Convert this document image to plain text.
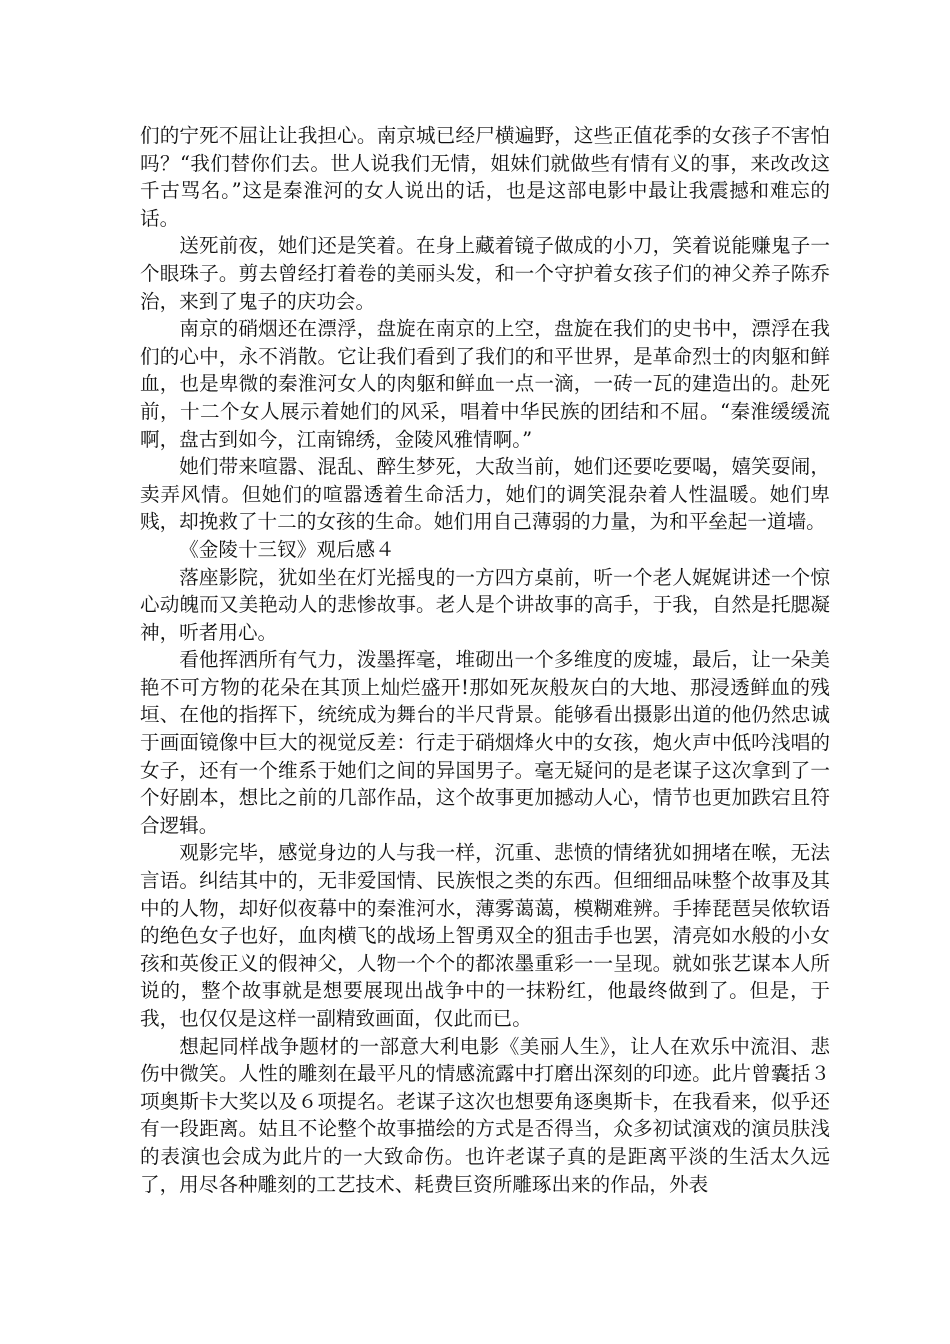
们的宁死不屈让让我担心。南京城已经尸横遍野，这些正值花季的女孩子不害怕吗？“我们替你们去。世人说我们无情，姐妹们就做些有情有义的事，来改改这千古骂名。”这是秦淮河的女人说出的话，也是这部电影中最让我震撼和难忘的话。

送死前夜，她们还是笑着。在身上藏着镜子做成的小刀，笑着说能赚鬼子一个眼珠子。剪去曾经打着卷的美丽头发，和一个守护着女孩子们的神父养子陈乔治，来到了鬼子的庆功会。

南京的硝烟还在漂浮，盘旋在南京的上空，盘旋在我们的史书中，漂浮在我们的心中，永不消散。它让我们看到了我们的和平世界，是革命烈士的肉躯和鲜血，也是卑微的秦淮河女人的肉躯和鲜血一点一滴，一砖一瓦的建造出的。赴死前，十二个女人展示着她们的风采，唱着中华民族的团结和不屈。“秦淮缓缓流啊，盘古到如今，江南锦绣，金陵风雅情啊。”

她们带来喧嚣、混乱、醉生梦死，大敌当前，她们还要吃要喝，嬉笑耍闹，卖弄风情。但她们的喧嚣透着生命活力，她们的调笑混杂着人性温暖。她们卑贱，却挽救了十二的女孩的生命。她们用自己薄弱的力量，为和平垒起一道墙。

《金陵十三钗》观后感４

落座影院，犹如坐在灯光摇曳的一方四方桌前，听一个老人娓娓讲述一个惊心动魄而又美艳动人的悲惨故事。老人是个讲故事的高手，于我，自然是托腮凝神，听者用心。

看他挥洒所有气力，泼墨挥毫，堆砌出一个多维度的废墟，最后，让一朵美艳不可方物的花朵在其顶上灿烂盛开!那如死灰般灰白的大地、那浸透鲜血的残垣、在他的指挥下，统统成为舞台的半尺背景。能够看出摄影出道的他仍然忠诚于画面镜像中巨大的视觉反差：行走于硝烟烽火中的女孩，炮火声中低吟浅唱的女子，还有一个维系于她们之间的异国男子。毫无疑问的是老谋子这次拿到了一个好剧本，想比之前的几部作品，这个故事更加撼动人心，情节也更加跌宕且符合逻辑。

观影完毕，感觉身边的人与我一样，沉重、悲愤的情绪犹如拥堵在喉，无法言语。纠结其中的，无非爱国情、民族恨之类的东西。但细细品味整个故事及其中的人物，却好似夜幕中的秦淮河水，薄雾蔼蔼，模糊难辨。手捧琵琶吴侬软语的绝色女子也好，血肉横飞的战场上智勇双全的狙击手也罢，清亮如水般的小女孩和英俊正义的假神父，人物一个个的都浓墨重彩一一呈现。就如张艺谋本人所说的，整个故事就是想要展现出战争中的一抹粉红，他最终做到了。但是，于我，也仅仅是这样一副精致画面，仅此而已。

想起同样战争题材的一部意大利电影《美丽人生》，让人在欢乐中流泪、悲伤中微笑。人性的雕刻在最平凡的情感流露中打磨出深刻的印迹。此片曾囊括３项奥斯卡大奖以及６项提名。老谋子这次也想要角逐奥斯卡，在我看来，似乎还有一段距离。姑且不论整个故事描绘的方式是否得当，众多初试演戏的演员肤浅的表演也会成为此片的一大致命伤。也许老谋子真的是距离平淡的生活太久远了，用尽各种雕刻的工艺技术、耗费巨资所雕琢出来的作品，外表
